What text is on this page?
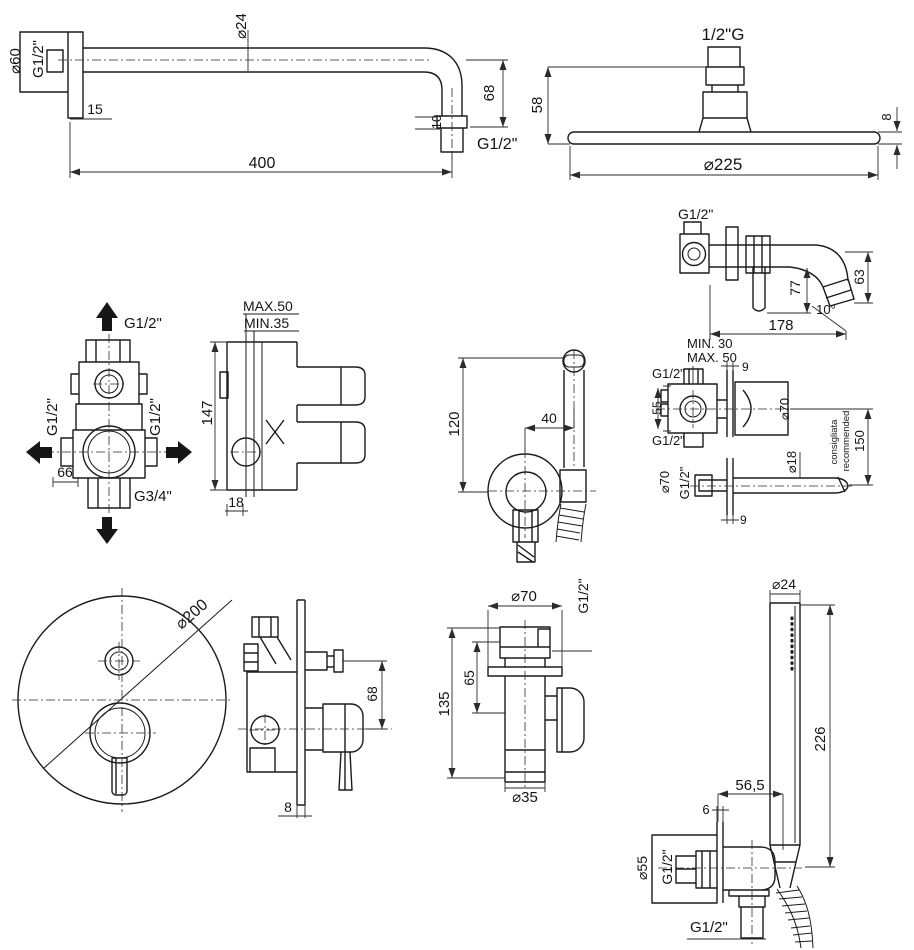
⌀24
⌀60 G1/2"
15
400
68
10
G1/2"
1/2"G
58
8
⌀225
G1/2"
77
63
178
10°
G1/2"
G1/2"	G1/2"
66
G3/4"
147
MAX.50
MIN.35
18
120	40
MIN. 30
MAX. 50
G1/2"
55
G1/2"
9
⌀70
consigliata recommended 150
⌀70 G1/2"
⌀18
9
⌀200
68
8
⌀70	G1/2"
65
135
⌀35
⌀24
226
56,5
6
⌀55 G1/2"
G1/2"
